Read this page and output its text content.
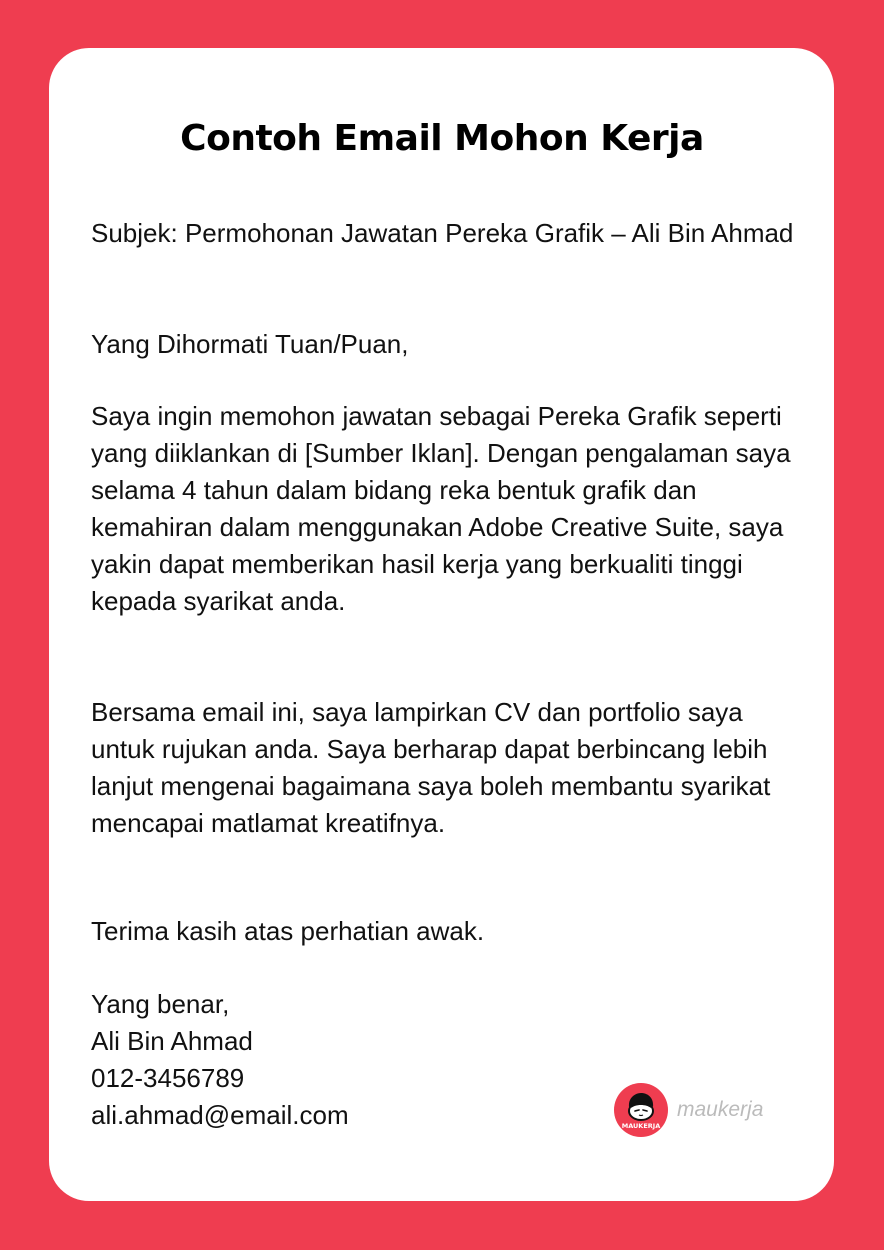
Contoh Email Mohon Kerja

Subjek: Permohonan Jawatan Pereka Grafik – Ali Bin Ahmad

Yang Dihormati Tuan/Puan,

Saya ingin memohon jawatan sebagai Pereka Grafik seperti yang diiklankan di [Sumber Iklan]. Dengan pengalaman saya selama 4 tahun dalam bidang reka bentuk grafik dan kemahiran dalam menggunakan Adobe Creative Suite, saya yakin dapat memberikan hasil kerja yang berkualiti tinggi kepada syarikat anda.

Bersama email ini, saya lampirkan CV dan portfolio saya untuk rujukan anda. Saya berharap dapat berbincang lebih lanjut mengenai bagaimana saya boleh membantu syarikat mencapai matlamat kreatifnya.

Terima kasih atas perhatian awak.

Yang benar,
Ali Bin Ahmad
012-3456789
ali.ahmad@email.com	MAUKERJA
maukerja
